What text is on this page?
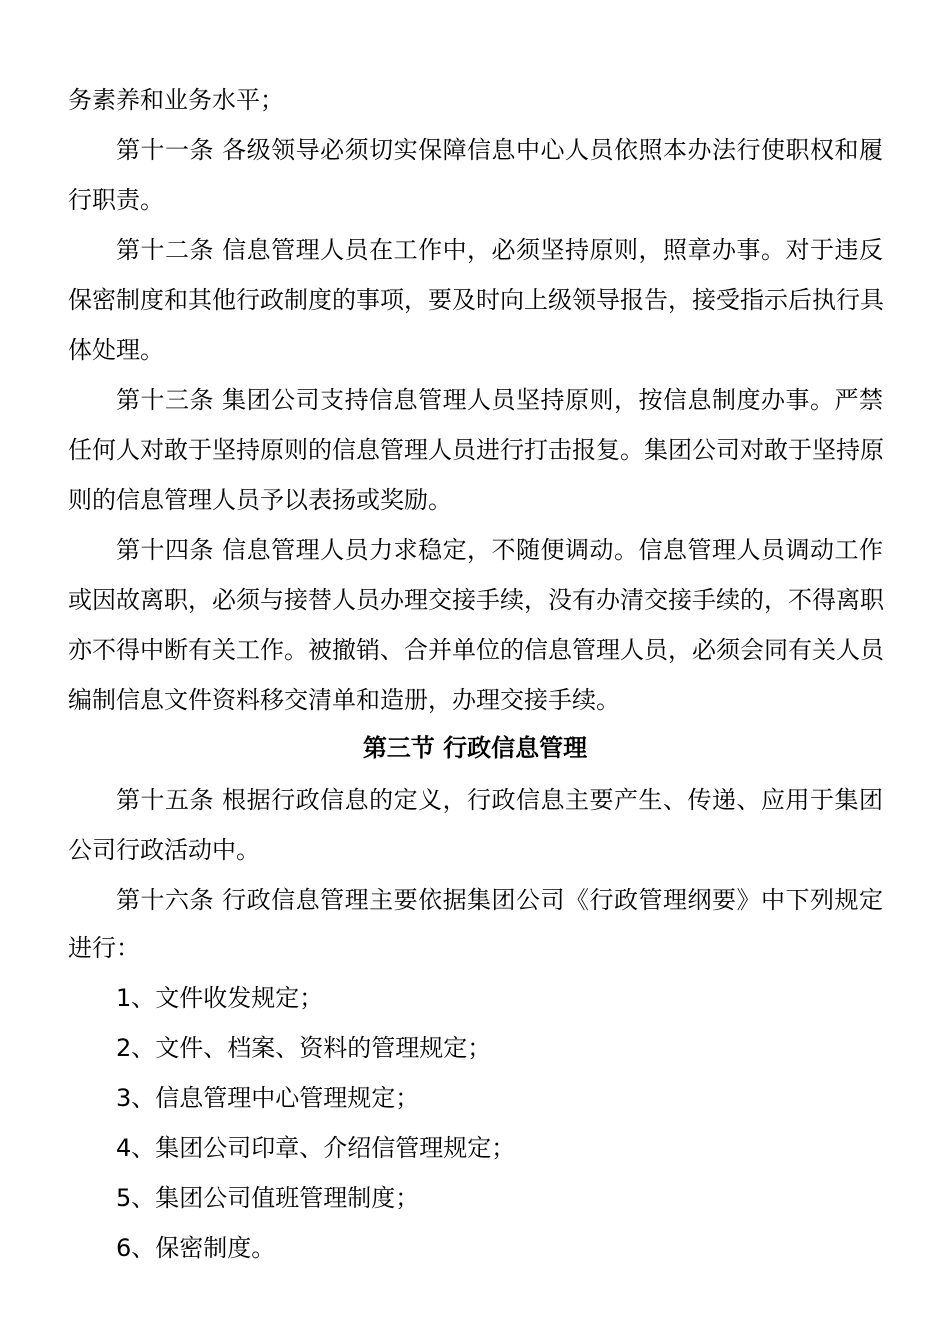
务素养和业务水平；
第十一条 各级领导必须切实保障信息中心人员依照本办法行使职权和履
行职责。
第十二条 信息管理人员在工作中，必须坚持原则，照章办事。对于违反
保密制度和其他行政制度的事项，要及时向上级领导报告，接受指示后执行具
体处理。
第十三条 集团公司支持信息管理人员坚持原则，按信息制度办事。严禁
任何人对敢于坚持原则的信息管理人员进行打击报复。集团公司对敢于坚持原
则的信息管理人员予以表扬或奖励。
第十四条 信息管理人员力求稳定，不随便调动。信息管理人员调动工作
或因故离职，必须与接替人员办理交接手续，没有办清交接手续的，不得离职
亦不得中断有关工作。被撤销、合并单位的信息管理人员，必须会同有关人员
编制信息文件资料移交清单和造册，办理交接手续。
第三节 行政信息管理
第十五条 根据行政信息的定义，行政信息主要产生、传递、应用于集团
公司行政活动中。
第十六条 行政信息管理主要依据集团公司《行政管理纲要》中下列规定
进行：
1、文件收发规定；
2、文件、档案、资料的管理规定；
3、信息管理中心管理规定；
4、集团公司印章、介绍信管理规定；
5、集团公司值班管理制度；
6、保密制度。
